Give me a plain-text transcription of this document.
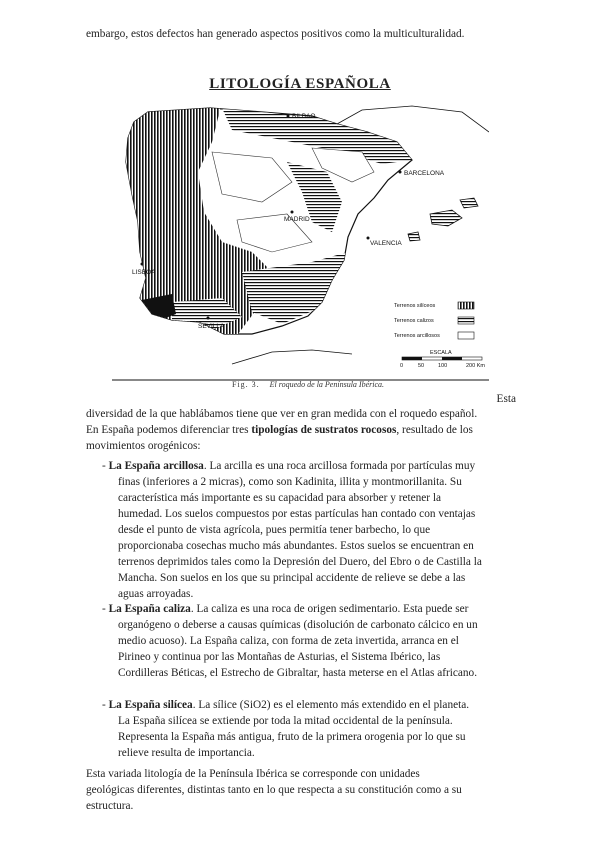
embargo, estos defectos han generado aspectos positivos como la multiculturalidad.

LITOLOGÍA ESPAÑOLA
BILBAO
BARCELONA
MADRID
VALENCIA
LISBOA
SEVILLA
Terrenos silíceos
Terrenos calizos
Terrenos arcillosos
ESCALA
0	50	100	200 Km
Fig. 3. El roquedo de la Península Ibérica.
Esta
diversidad de la que hablábamos tiene que ver en gran medida con el roquedo español.
En España podemos diferenciar tres tipologías de sustratos rocosos, resultado de los
movimientos orogénicos:
- La España arcillosa. La arcilla es una roca arcillosa formada por partículas muy
finas (inferiores a 2 micras), como son Kadinita, illita y montmorillanita. Su
característica más importante es su capacidad para absorber y retener la
humedad. Los suelos compuestos por estas partículas han contado con ventajas
desde el punto de vista agrícola, pues permitía tener barbecho, lo que
proporcionaba cosechas mucho más abundantes. Estos suelos se encuentran en
terrenos deprimidos tales como la Depresión del Duero, del Ebro o de Castilla la
Mancha. Son suelos en los que su principal accidente de relieve se debe a las
aguas arroyadas.
- La España caliza. La caliza es una roca de origen sedimentario. Esta puede ser
organógeno o deberse a causas químicas (disolución de carbonato cálcico en un
medio acuoso). La España caliza, con forma de zeta invertida, arranca en el
Pirineo y continua por las Montañas de Asturias, el Sistema Ibérico, las
Cordilleras Béticas, el Estrecho de Gibraltar, hasta meterse en el Atlas africano.
- La España silícea. La sílice (SiO2) es el elemento más extendido en el planeta.
La España silícea se extiende por toda la mitad occidental de la península.
Representa la España más antigua, fruto de la primera orogenia por lo que su
relieve resulta de importancia.
Esta variada litología de la Península Ibérica se corresponde con unidades
geológicas diferentes, distintas tanto en lo que respecta a su constitución como a su
estructura.
